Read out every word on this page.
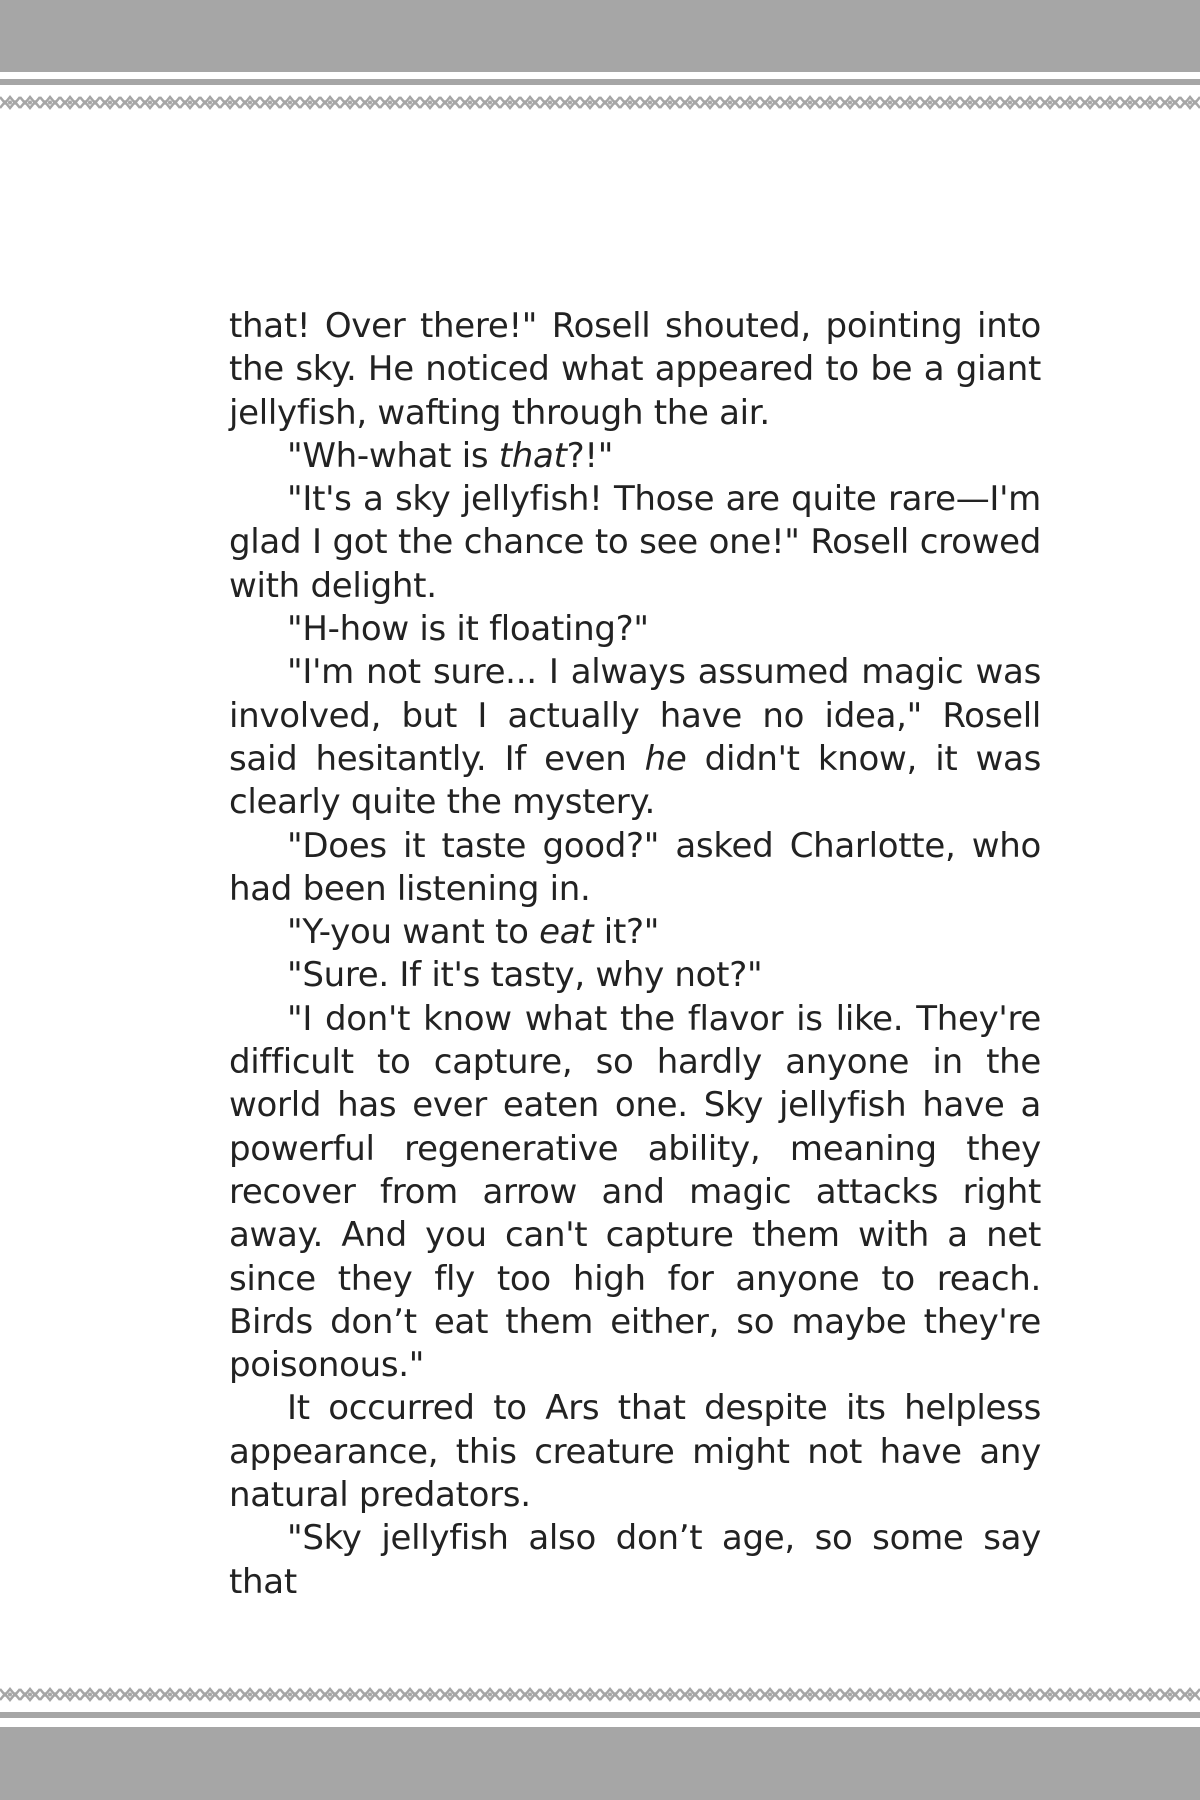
that! Over there!" Rosell shouted, pointing into the sky. He noticed what appeared to be a giant jellyfish, wafting through the air.

"Wh-what is that?!"

"It's a sky jellyfish! Those are quite rare—I'm glad I got the chance to see one!" Rosell crowed with delight.

"H-how is it floating?"

"I'm not sure... I always assumed magic was involved, but I actually have no idea," Rosell said hesitantly. If even he didn't know, it was clearly quite the mystery.

"Does it taste good?" asked Charlotte, who had been listening in.

"Y-you want to eat it?"

"Sure. If it's tasty, why not?"

"I don't know what the flavor is like. They're difficult to capture, so hardly anyone in the world has ever eaten one. Sky jellyfish have a powerful regenerative ability, meaning they recover from arrow and magic attacks right away. And you can't capture them with a net since they fly too high for anyone to reach. Birds don’t eat them either, so maybe they're poisonous."

It occurred to Ars that despite its helpless appearance, this creature might not have any natural predators.

"Sky jellyfish also don’t age, so some say that
